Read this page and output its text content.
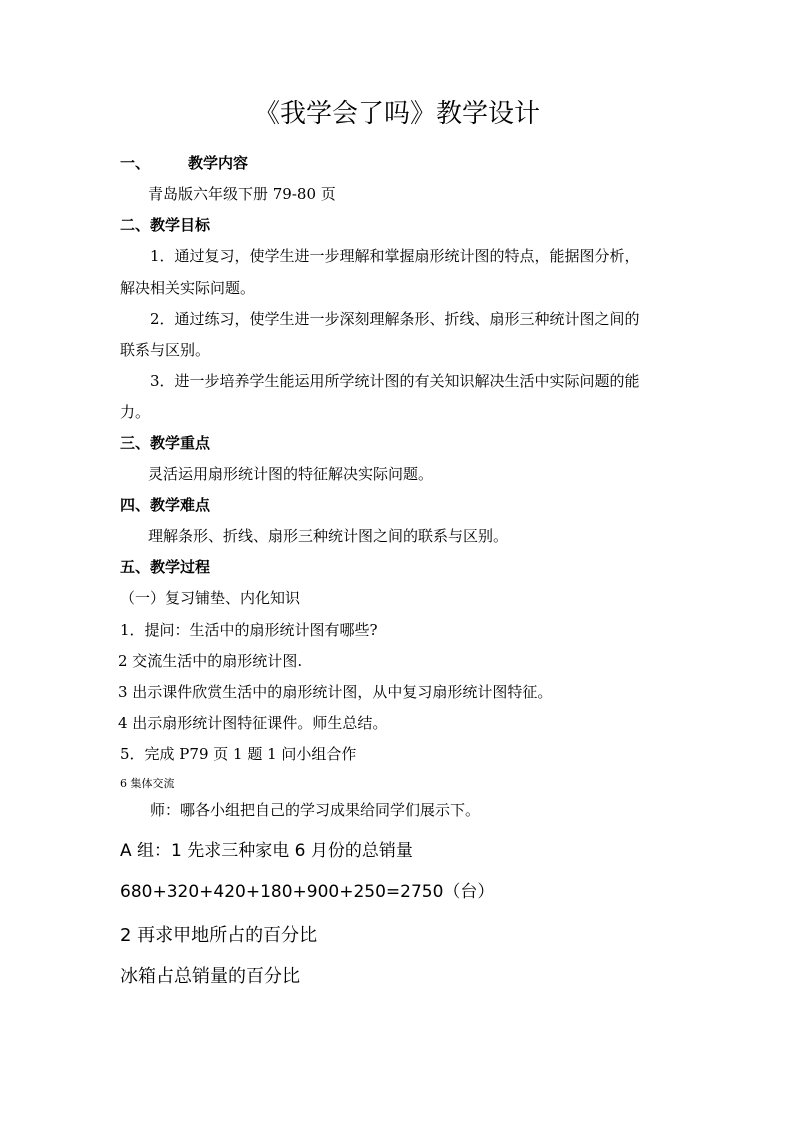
《我学会了吗》教学设计
一、	教学内容
青岛版六年级下册 79-80 页
二、教学目标
1．通过复习，使学生进一步理解和掌握扇形统计图的特点，能据图分析，
解决相关实际问题。
2．通过练习，使学生进一步深刻理解条形、折线、扇形三种统计图之间的
联系与区别。
3．进一步培养学生能运用所学统计图的有关知识解决生活中实际问题的能
力。
三、教学重点
灵活运用扇形统计图的特征解决实际问题。
四、教学难点
理解条形、折线、扇形三种统计图之间的联系与区别。
五、教学过程
（一）复习铺垫、内化知识
1．提问：生活中的扇形统计图有哪些?
2 交流生活中的扇形统计图.
3 出示课件欣赏生活中的扇形统计图，从中复习扇形统计图特征。
4 出示扇形统计图特征课件。师生总结。
5．完成 P79 页 1 题 1 问小组合作
6 集体交流
师：哪各小组把自己的学习成果给同学们展示下。
A 组：1 先求三种家电 6 月份的总销量
680+320+420+180+900+250=2750（台）
2 再求甲地所占的百分比
冰箱占总销量的百分比
